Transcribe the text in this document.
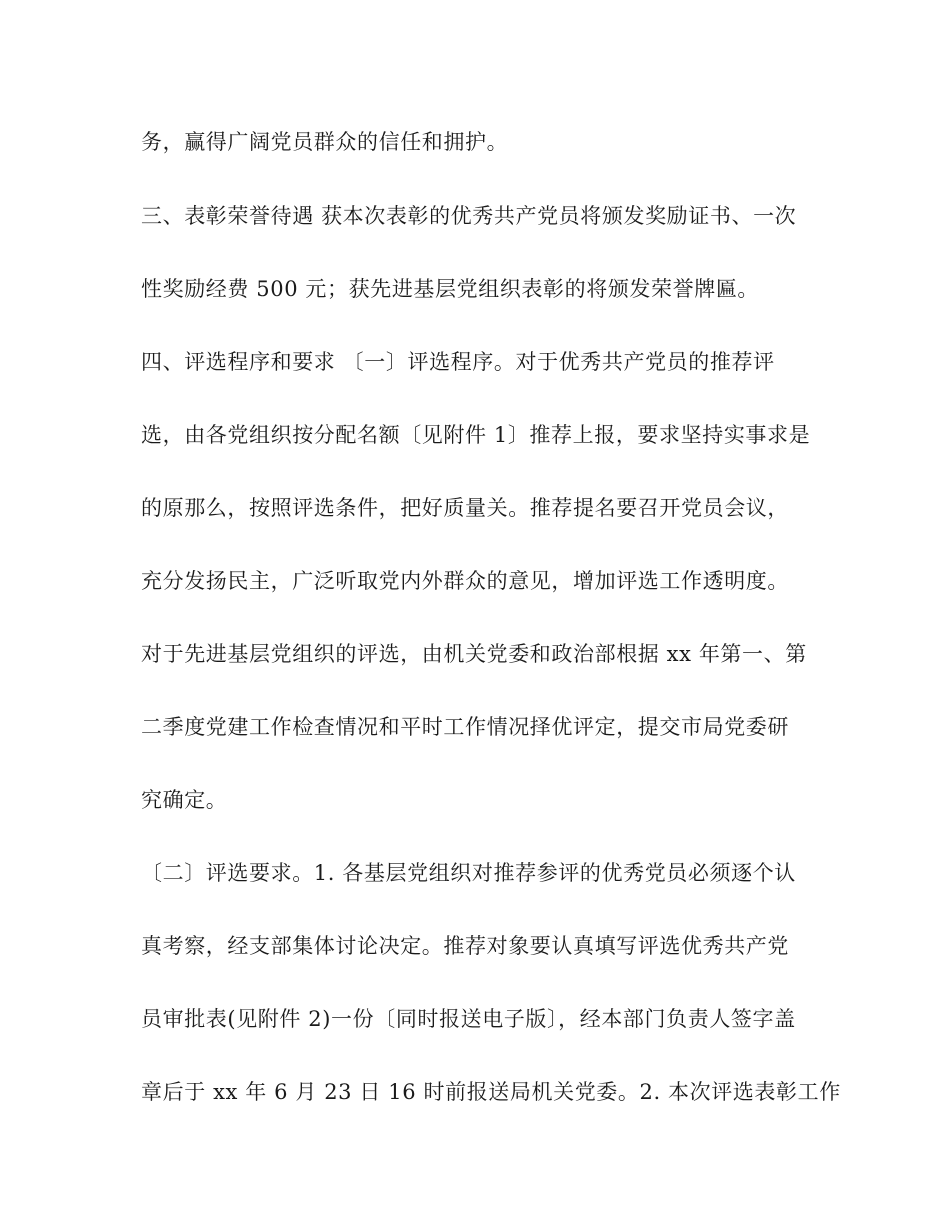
务，赢得广阔党员群众的信任和拥护。
三、表彰荣誉待遇 获本次表彰的优秀共产党员将颁发奖励证书、一次
性奖励经费 500 元；获先进基层党组织表彰的将颁发荣誉牌匾。
四、评选程序和要求 〔一〕评选程序。对于优秀共产党员的推荐评
选，由各党组织按分配名额〔见附件 1〕推荐上报，要求坚持实事求是
的原那么，按照评选条件，把好质量关。推荐提名要召开党员会议，
充分发扬民主，广泛听取党内外群众的意见，增加评选工作透明度。
对于先进基层党组织的评选，由机关党委和政治部根据 xx 年第一、第
二季度党建工作检查情况和平时工作情况择优评定，提交市局党委研
究确定。
〔二〕评选要求。1. 各基层党组织对推荐参评的优秀党员必须逐个认
真考察，经支部集体讨论决定。推荐对象要认真填写评选优秀共产党
员审批表(见附件 2)一份〔同时报送电子版〕，经本部门负责人签字盖
章后于 xx 年 6 月 23 日 16 时前报送局机关党委。2. 本次评选表彰工作
